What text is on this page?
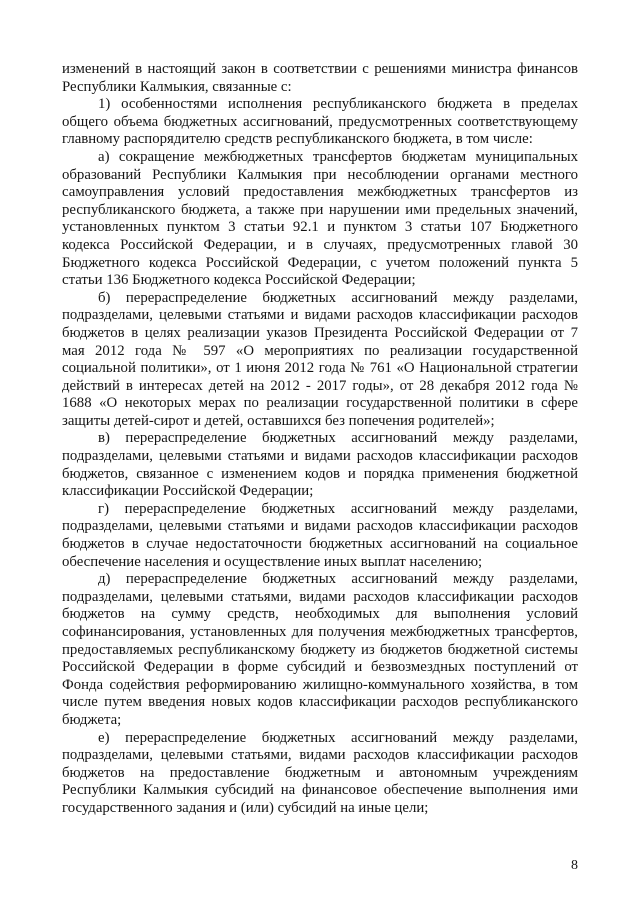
изменений в настоящий закон в соответствии с решениями министра финансов Республики Калмыкия, связанные с:

1) особенностями исполнения республиканского бюджета в пределах общего объема бюджетных ассигнований, предусмотренных соответствующему главному распорядителю средств республиканского бюджета, в том числе:

а) сокращение межбюджетных трансфертов бюджетам муниципальных образований Республики Калмыкия при несоблюдении органами местного самоуправления условий предоставления межбюджетных трансфертов из республиканского бюджета, а также при нарушении ими предельных значений, установленных пунктом 3 статьи 92.1 и пунктом 3 статьи 107 Бюджетного кодекса Российской Федерации, и в случаях, предусмотренных главой 30 Бюджетного кодекса Российской Федерации, с учетом положений пункта 5 статьи 136 Бюджетного кодекса Российской Федерации;

б) перераспределение бюджетных ассигнований между разделами, подразделами, целевыми статьями и видами расходов классификации расходов бюджетов в целях реализации указов Президента Российской Федерации от 7 мая 2012 года № 597 «О мероприятиях по реализации государственной социальной политики», от 1 июня 2012 года № 761 «О Национальной стратегии действий в интересах детей на 2012 - 2017 годы», от 28 декабря 2012 года № 1688 «О некоторых мерах по реализации государственной политики в сфере защиты детей-сирот и детей, оставшихся без попечения родителей»;

в) перераспределение бюджетных ассигнований между разделами, подразделами, целевыми статьями и видами расходов классификации расходов бюджетов, связанное с изменением кодов и порядка применения бюджетной классификации Российской Федерации;

г) перераспределение бюджетных ассигнований между разделами, подразделами, целевыми статьями и видами расходов классификации расходов бюджетов в случае недостаточности бюджетных ассигнований на социальное обеспечение населения и осуществление иных выплат населению;

д) перераспределение бюджетных ассигнований между разделами, подразделами, целевыми статьями, видами расходов классификации расходов бюджетов на сумму средств, необходимых для выполнения условий софинансирования, установленных для получения межбюджетных трансфертов, предоставляемых республиканскому бюджету из бюджетов бюджетной системы Российской Федерации в форме субсидий и безвозмездных поступлений от Фонда содействия реформированию жилищно-коммунального хозяйства, в том числе путем введения новых кодов классификации расходов республиканского бюджета;

е) перераспределение бюджетных ассигнований между разделами, подразделами, целевыми статьями, видами расходов классификации расходов бюджетов на предоставление бюджетным и автономным учреждениям Республики Калмыкия субсидий на финансовое обеспечение выполнения ими государственного задания и (или) субсидий на иные цели;

8
